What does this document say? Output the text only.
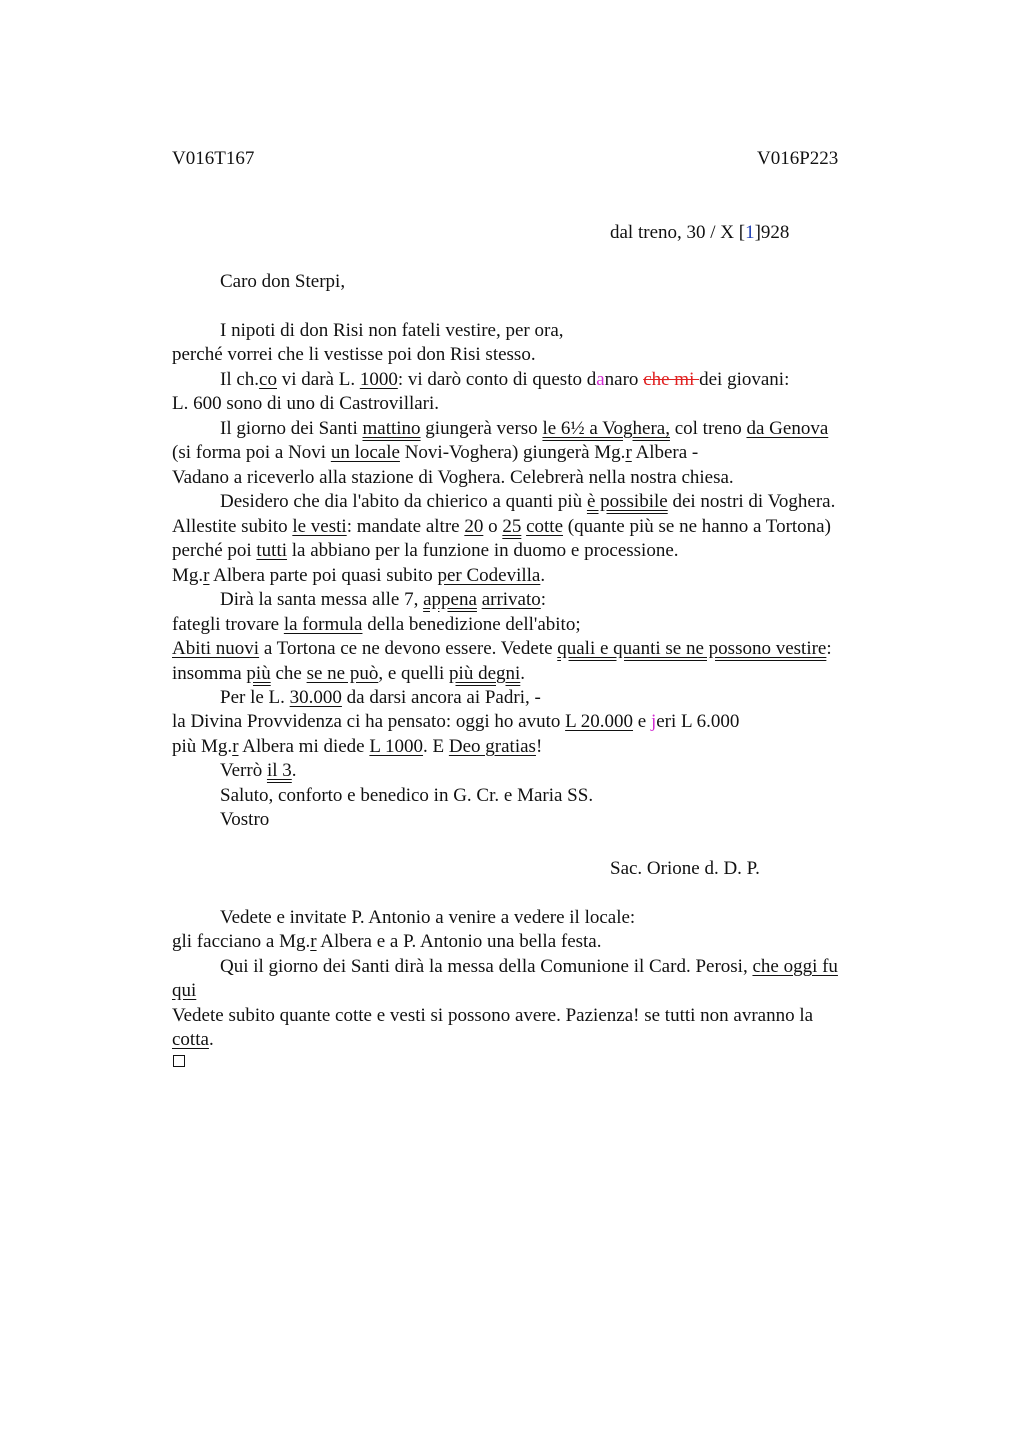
V016T167	V016P223
dal treno, 30 / X [1]928
Caro don Sterpi,
I nipoti di don Risi non fateli vestire, per ora,
perché vorrei che li vestisse poi don Risi stesso.
Il ch.co vi darà L. 1000: vi darò conto di questo danaro che mi dei giovani:
L. 600 sono di uno di Castrovillari.
Il giorno dei Santi mattino giungerà verso le 6½ a Voghera, col treno da Genova
(si forma poi a Novi un locale Novi-Voghera) giungerà Mg.r Albera -
Vadano a riceverlo alla stazione di Voghera. Celebrerà nella nostra chiesa.
Desidero che dia l'abito da chierico a quanti più è possibile dei nostri di Voghera.
Allestite subito le vesti: mandate altre 20 o 25 cotte (quante più se ne hanno a Tortona)
perché poi tutti la abbiano per la funzione in duomo e processione.
Mg.r Albera parte poi quasi subito per Codevilla.
Dirà la santa messa alle 7, appena arrivato:
fategli trovare la formula della benedizione dell'abito;
Abiti nuovi a Tortona ce ne devono essere. Vedete quali e quanti se ne possono vestire:
insomma più che se ne può, e quelli più degni.
Per le L. 30.000 da darsi ancora ai Padri, -
la Divina Provvidenza ci ha pensato: oggi ho avuto L 20.000 e jeri L 6.000
più Mg.r Albera mi diede L 1000. E Deo gratias!
Verrò il 3.
Saluto, conforto e benedico in G. Cr. e Maria SS.
Vostro
Sac. Orione d. D. P.
Vedete e invitate P. Antonio a venire a vedere il locale:
gli facciano a Mg.r Albera e a P. Antonio una bella festa.
Qui il giorno dei Santi dirà la messa della Comunione il Card. Perosi, che oggi fu
qui
Vedete subito quante cotte e vesti si possono avere. Pazienza! se tutti non avranno la
cotta.
